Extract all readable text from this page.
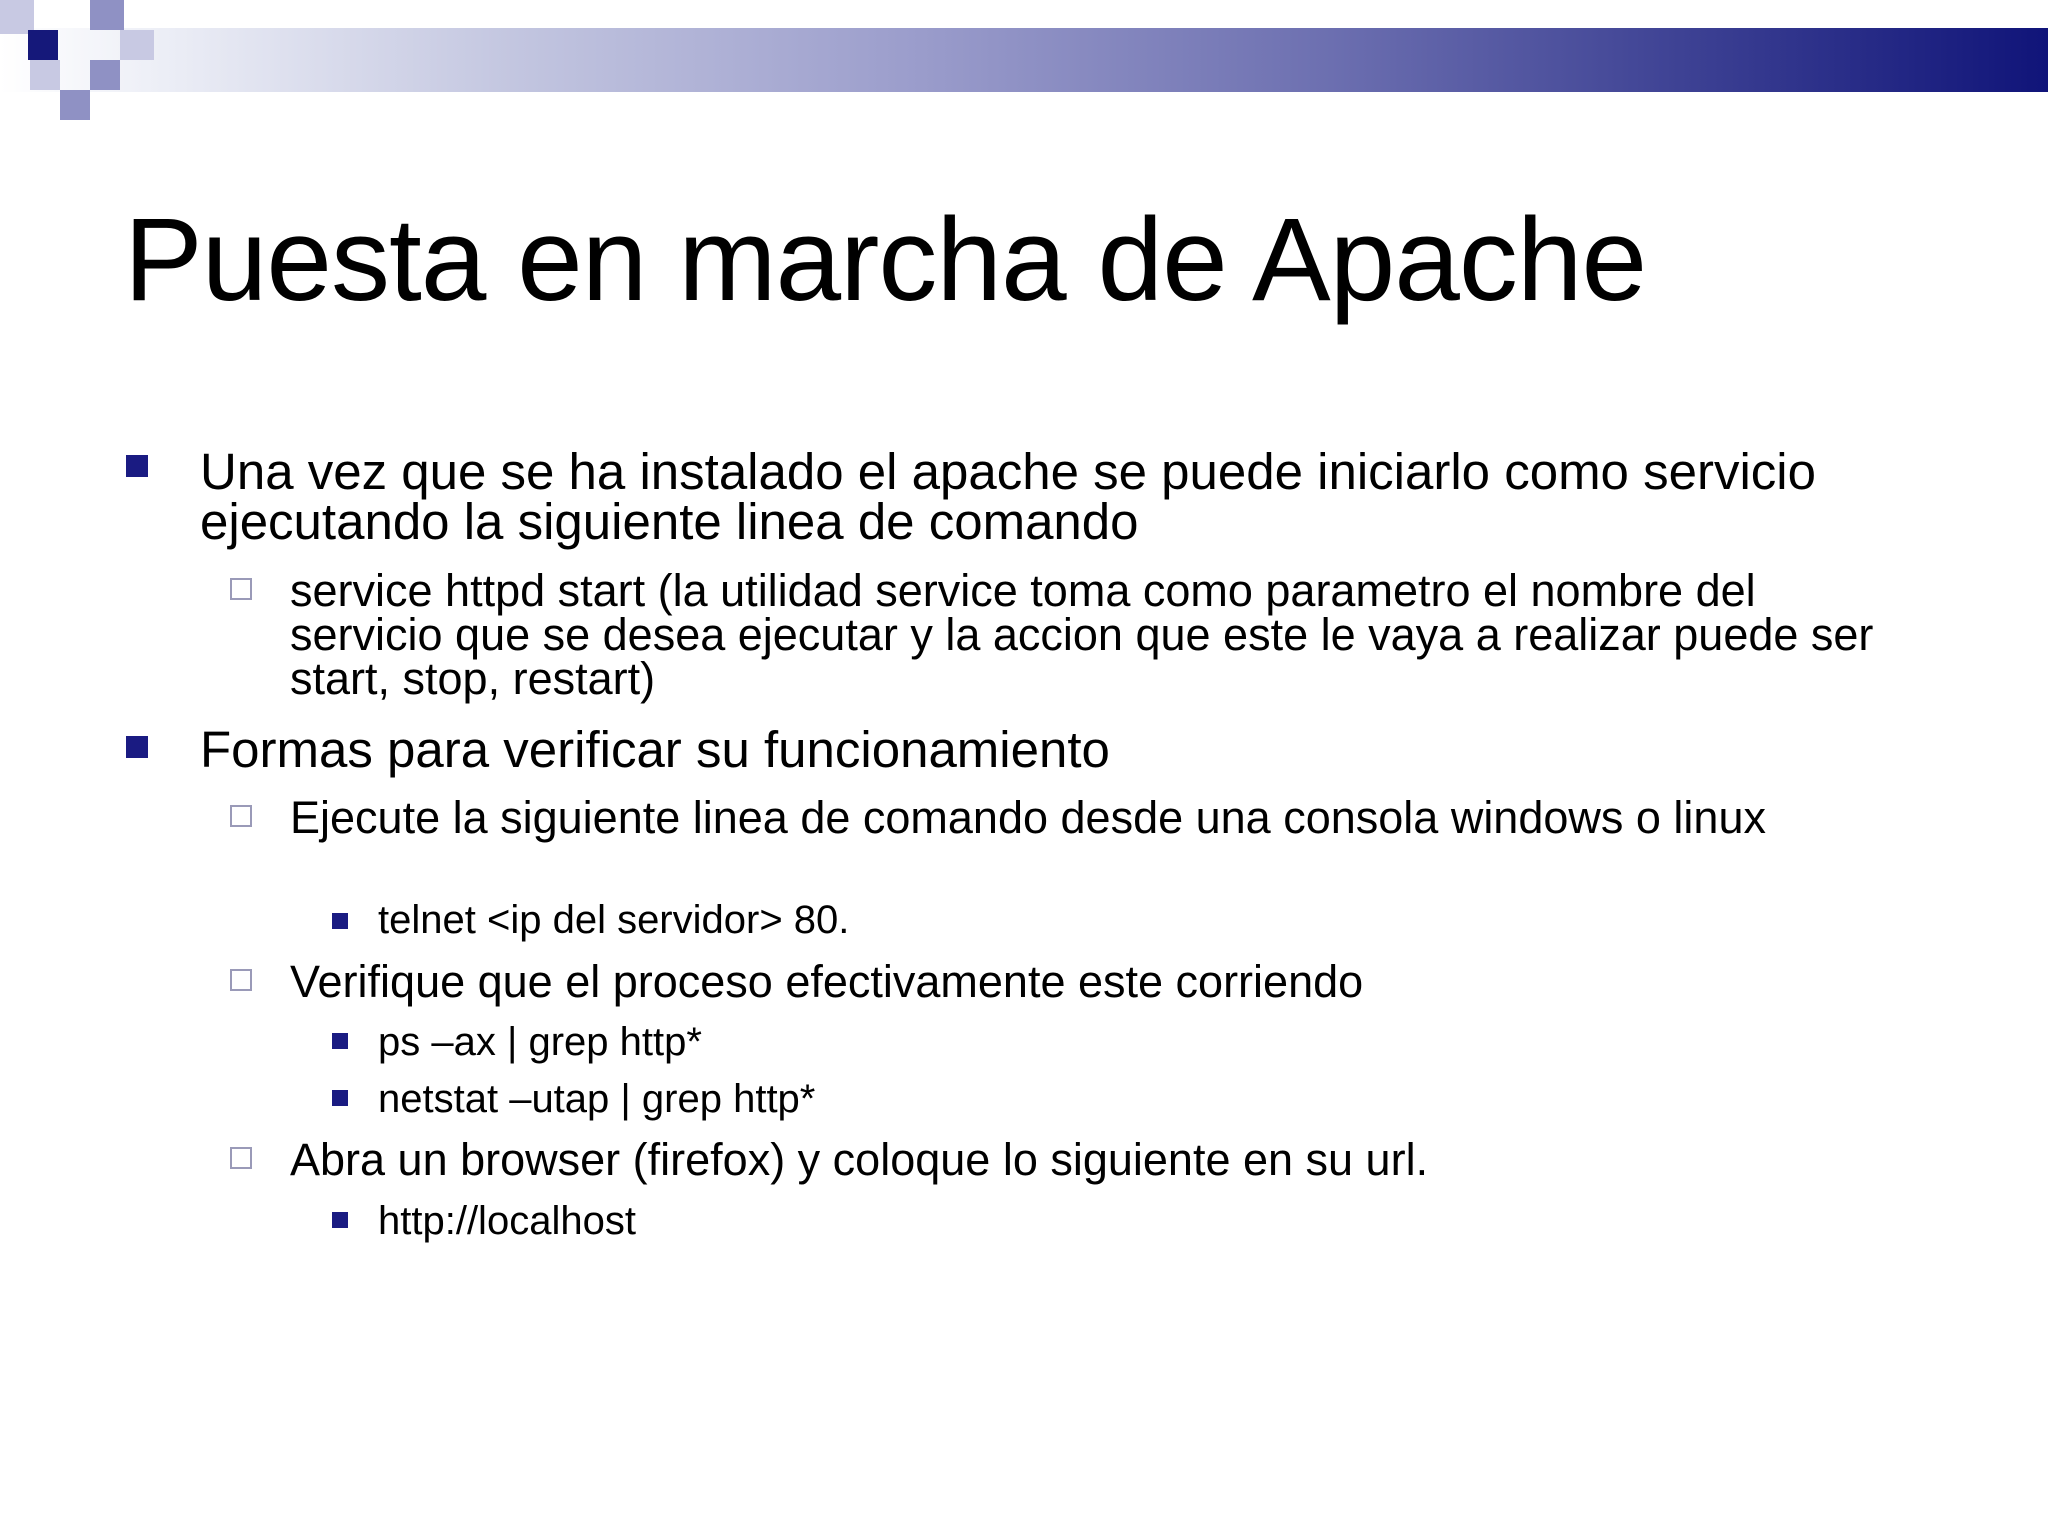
Puesta en marcha de Apache
Una vez que se ha instalado el apache se puede iniciarlo como servicio ejecutando la siguiente linea de comando
service httpd start (la utilidad service toma como parametro el nombre del servicio que se desea ejecutar y la accion que este le vaya a realizar puede ser start, stop, restart)
Formas para verificar su funcionamiento
Ejecute la siguiente linea de comando desde una consola windows o linux
telnet <ip del servidor> 80.
Verifique que el proceso efectivamente este corriendo
ps –ax | grep http*
netstat –utap | grep http*
Abra un browser (firefox) y coloque lo siguiente en su url.
http://localhost
